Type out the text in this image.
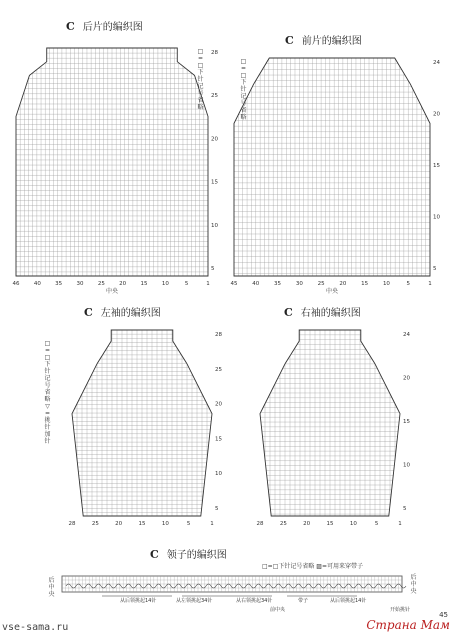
C 后片的编织图
46	40	35	30	25	20	15	10	5	1
28
25
20
15
10
5
中央
□=□下针记号省略
C 前片的编织图
45	40	35	30	25	20	15	10	5	1
24
20
15
10
5
中央
□=□下针记号省略
C 左袖的编织图
28	25	20	15	10	5	1
28
25
20
15
10
5
□=□下针记号省略 ▽=挑针加针
C 右袖的编织图
28	25	20	15	10	5	1
24
20
15
10
5
C 领子的编织图
□=□下针记号省略 ▨=可用来穿带子
后中央
后中央
从后领挑起14针	从左领挑起34针	从右领挑起34针	从后领挑起14针
带子
前中央	开始挑针
vse-sama.ru
45
Страна Мам
